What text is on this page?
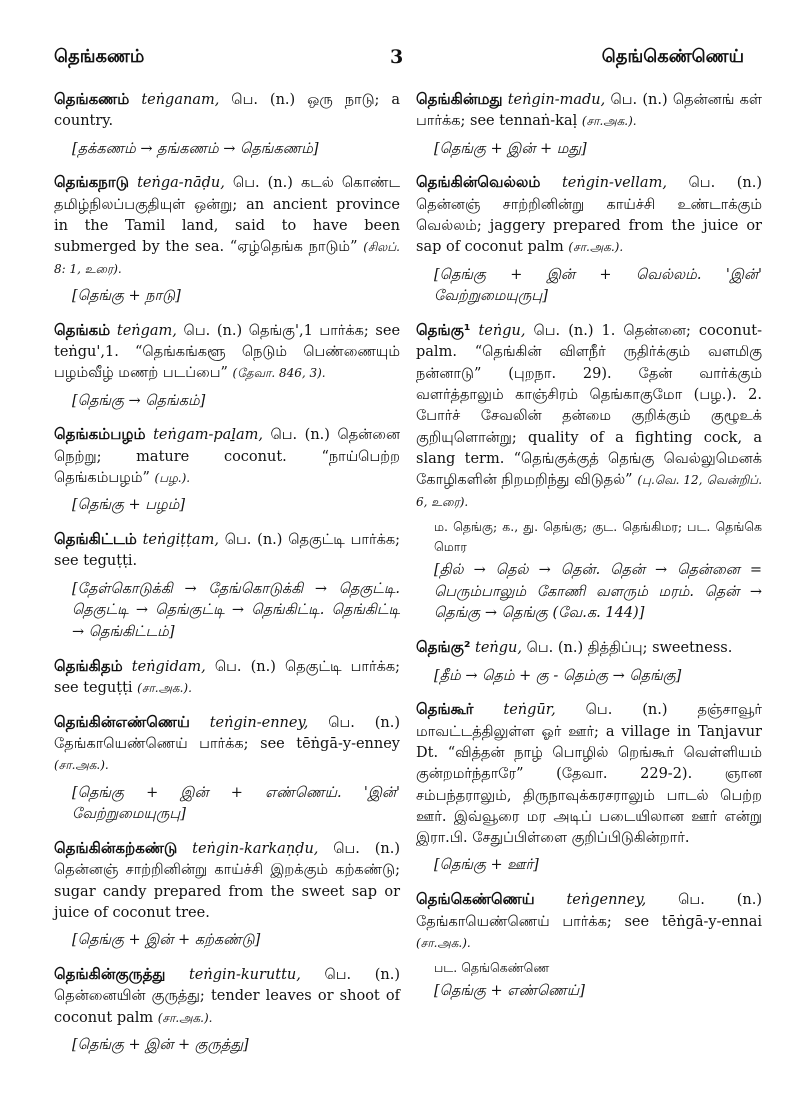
தெங்கணம்	3	தெங்கெண்ணெய்
தெங்கணம் teṅganam, பெ. (n.) ஒரு நாடு; a country.
[தக்கணம் → தங்கணம் → தெங்கணம்]
தெங்கநாடு teṅga-nāḍu, பெ. (n.) கடல் கொண்ட தமிழ்நிலப்பகுதியுள் ஒன்று; an ancient province in the Tamil land, said to have been submerged by the sea. “ஏழ்தெங்க நாடும்” (சிலப். 8: 1, உரை).
[தெங்கு + நாடு]
தெங்கம் teṅgam, பெ. (n.) தெங்கு',1 பார்க்க; see teṅgu',1. “தெங்கங்களூ நெடும் பெண்ணையும் பழம்வீழ் மணற் படப்பை” (தேவா. 846, 3).
[தெங்கு → தெங்கம்]
தெங்கம்பழம் teṅgam-paḻam, பெ. (n.) தென்னை நெற்று; mature coconut. “நாய்பெற்ற தெங்கம்பழம்” (பழ.).
[தெங்கு + பழம்]
தெங்கிட்டம் teṅgiṭṭam, பெ. (n.) தெகுட்டி பார்க்க; see teguṭṭi.
[தேள்கொடுக்கி → தேங்கொடுக்கி → தெகுட்டி. தெகுட்டி → தெங்குட்டி → தெங்கிட்டி. தெங்கிட்டி → தெங்கிட்டம்]
தெங்கிதம் teṅgidam, பெ. (n.) தெகுட்டி பார்க்க; see teguṭṭi (சா.அக.).
தெங்கின்எண்ணெய் teṅgin-enney, பெ. (n.) தேங்காயெண்ணெய் பார்க்க; see tēṅgā-y-enney (சா.அக.).
[தெங்கு + இன் + எண்ணெய். 'இன்' வேற்றுமையுருபு]
தெங்கின்கற்கண்டு teṅgin-karkaṇḍu, பெ. (n.) தென்னஞ் சாற்றினின்று காய்ச்சி இறக்கும் கற்கண்டு; sugar candy prepared from the sweet sap or juice of coconut tree.
[தெங்கு + இன் + கற்கண்டு]
தெங்கின்குருத்து teṅgin-kuruttu, பெ. (n.) தென்னையின் குருத்து; tender leaves or shoot of coconut palm (சா.அக.).
[தெங்கு + இன் + குருத்து]
தெங்கின்மது teṅgin-madu, பெ. (n.) தென்னங் கள் பார்க்க; see tennaṅ-kaḷ (சா.அக.).
[தெங்கு + இன் + மது]
தெங்கின்வெல்லம் teṅgin-vellam, பெ. (n.) தென்னஞ் சாற்றினின்று காய்ச்சி உண்டாக்கும் வெல்லம்; jaggery prepared from the juice or sap of coconut palm (சா.அக.).
[தெங்கு + இன் + வெல்லம். 'இன்' வேற்றுமையுருபு]
தெங்கு¹ teṅgu, பெ. (n.) 1. தென்னை; coconut-palm. “தெங்கின் விளநீர் ருதிர்க்கும் வளமிகு நன்னாடு” (புறநா. 29). தேன் வார்க்கும் வளர்த்தாலும் காஞ்சிரம் தெங்காகுமோ (பழ.). 2. போர்ச் சேவலின் தன்மை குறிக்கும் குழூஉக் குறியுளொன்று; quality of a fighting cock, a slang term. “தெங்குக்குத் தெங்கு வெல்லுமெனக் கோழிகளின் நிறமறிந்து விடுதல்” (பு.வெ. 12, வென்றிப். 6, உரை).
ம. தெங்கு; க., து. தெங்கு; குட. தெங்கிமர; பட. தெங்கெ மொர
[தில் → தெல் → தென். தென் → தென்னை = பெரும்பாலும் கோணி வளரும் மரம். தென் → தெங்கு → தெங்கு (வே.க. 144)]
தெங்கு² teṅgu, பெ. (n.) தித்திப்பு; sweetness.
[தீம் → தெம் + கு - தெம்கு → தெங்கு]
தெங்கூர் teṅgūr, பெ. (n.) தஞ்சாவூர் மாவட்டத்திலுள்ள ஓர் ஊர்; a village in Tanjavur Dt. “வித்தன் நாழ் பொழில் றெங்கூர் வெள்ளியம் குன்றமர்ந்தாரே” (தேவா. 229-2). ஞான சம்பந்தராலும், திருநாவுக்கரசராலும் பாடல் பெற்ற ஊர். இவ்வூரை மர அடிப் படையிலான ஊர் என்று இரா.பி. சேதுப்பிள்ளை குறிப்பிடுகின்றார்.
[தெங்கு + ஊர்]
தெங்கெண்ணெய் teṅgenney, பெ. (n.) தேங்காயெண்ணெய் பார்க்க; see tēṅgā-y-ennai (சா.அக.).
பட. தெங்கெண்ணெ
[தெங்கு + எண்ணெய்]
